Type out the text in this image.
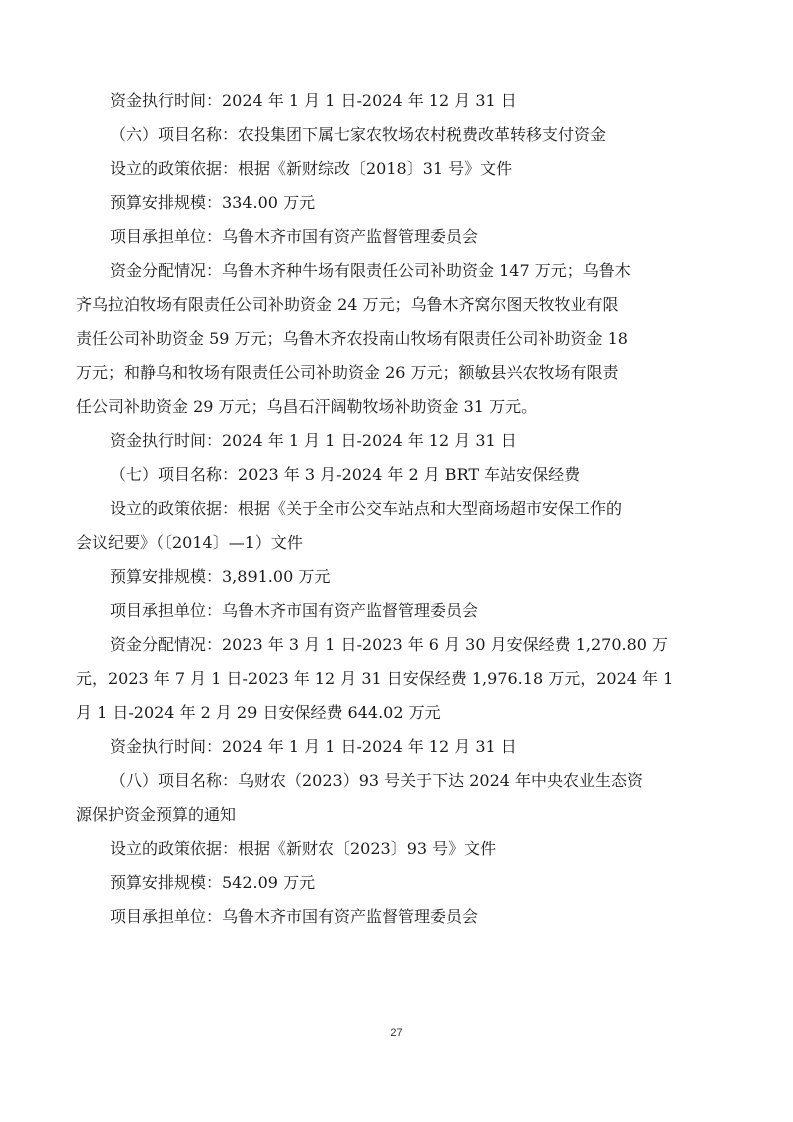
资金执行时间：2024 年 1 月 1 日-2024 年 12 月 31 日
（六）项目名称：农投集团下属七家农牧场农村税费改革转移支付资金
设立的政策依据：根据《新财综改〔2018〕31 号》文件
预算安排规模：334.00 万元
项目承担单位：乌鲁木齐市国有资产监督管理委员会
资金分配情况：乌鲁木齐种牛场有限责任公司补助资金 147 万元；乌鲁木
齐乌拉泊牧场有限责任公司补助资金 24 万元；乌鲁木齐窝尔图天牧牧业有限
责任公司补助资金 59 万元；乌鲁木齐农投南山牧场有限责任公司补助资金 18
万元；和静乌和牧场有限责任公司补助资金 26 万元；额敏县兴农牧场有限责
任公司补助资金 29 万元；乌昌石汗阔勒牧场补助资金 31 万元。
资金执行时间：2024 年 1 月 1 日-2024 年 12 月 31 日
（七）项目名称：2023 年 3 月-2024 年 2 月 BRT 车站安保经费
设立的政策依据：根据《关于全市公交车站点和大型商场超市安保工作的
会议纪要》（〔2014〕—1）文件
预算安排规模：3,891.00 万元
项目承担单位：乌鲁木齐市国有资产监督管理委员会
资金分配情况：2023 年 3 月 1 日-2023 年 6 月 30 月安保经费 1,270.80 万
元，2023 年 7 月 1 日-2023 年 12 月 31 日安保经费 1,976.18 万元，2024 年 1
月 1 日-2024 年 2 月 29 日安保经费 644.02 万元
资金执行时间：2024 年 1 月 1 日-2024 年 12 月 31 日
（八）项目名称：乌财农（2023）93 号关于下达 2024 年中央农业生态资
源保护资金预算的通知
设立的政策依据：根据《新财农〔2023〕93 号》文件
预算安排规模：542.09 万元
项目承担单位：乌鲁木齐市国有资产监督管理委员会
27
